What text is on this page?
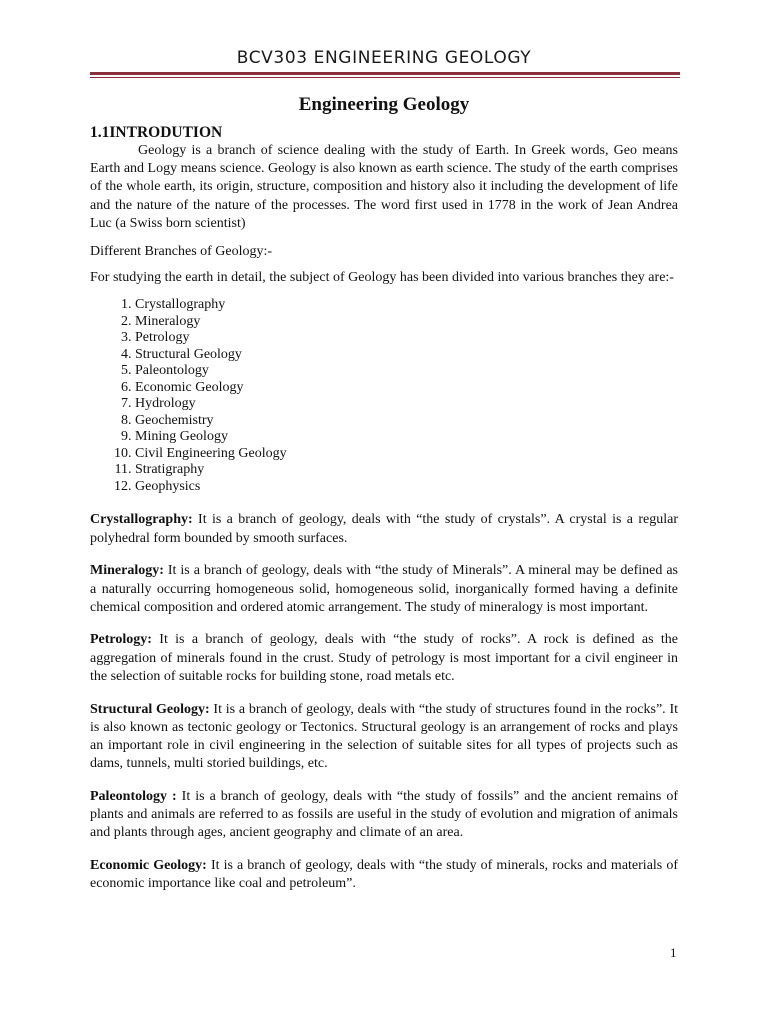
BCV303 ENGINEERING GEOLOGY
Engineering Geology
1.1INTRODUTION

Geology is a branch of science dealing with the study of Earth. In Greek words, Geo means Earth and Logy means science. Geology is also known as earth science. The study of the earth comprises of the whole earth, its origin, structure, composition and history also it including the development of life and the nature of the nature of the processes. The word first used in 1778 in the work of Jean Andrea Luc (a Swiss born scientist)

Different Branches of Geology:-

For studying the earth in detail, the subject of Geology has been divided into various branches they are:-

1. Crystallography
2. Mineralogy
3. Petrology
4. Structural Geology
5. Paleontology
6. Economic Geology
7. Hydrology
8. Geochemistry
9. Mining Geology
10. Civil Engineering Geology
11. Stratigraphy
12. Geophysics

Crystallography: It is a branch of geology, deals with “the study of crystals”. A crystal is a regular polyhedral form bounded by smooth surfaces.

Mineralogy: It is a branch of geology, deals with “the study of Minerals”. A mineral may be defined as a naturally occurring homogeneous solid, homogeneous solid, inorganically formed having a definite chemical composition and ordered atomic arrangement. The study of mineralogy is most important.

Petrology: It is a branch of geology, deals with “the study of rocks”. A rock is defined as the aggregation of minerals found in the crust. Study of petrology is most important for a civil engineer in the selection of suitable rocks for building stone, road metals etc.

Structural Geology: It is a branch of geology, deals with “the study of structures found in the rocks”. It is also known as tectonic geology or Tectonics. Structural geology is an arrangement of rocks and plays an important role in civil engineering in the selection of suitable sites for all types of projects such as dams, tunnels, multi storied buildings, etc.

Paleontology : It is a branch of geology, deals with “the study of fossils” and the ancient remains of plants and animals are referred to as fossils are useful in the study of evolution and migration of animals and plants through ages, ancient geography and climate of an area.

Economic Geology: It is a branch of geology, deals with “the study of minerals, rocks and materials of economic importance like coal and petroleum”.

1
